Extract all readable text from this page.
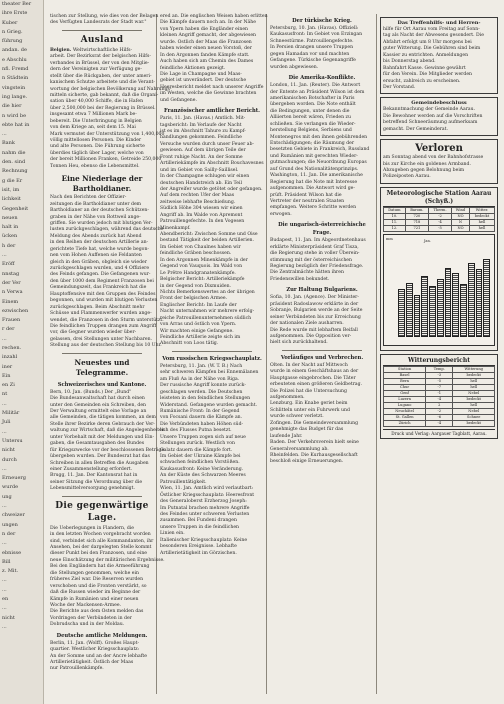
theater Ber
ihre Erste
Kuber
n Grieg.
führung
andan. de
e Abschlu
nfi. Fremd
n Städtein
vingstein
ing lange.
die hier
n wird be
ebte hat in
...
Bank
nahm die
den. sind
Rechnung
g die Er
isit, im
lichkeit
Gegenheit
neuen
halt in
ücken
h der
...
Eröff
nnstag
der Ver
n Verwa
Einem
ezwischen
Frauen
r der
...
rechen.
inzahl
iner
Ein
en Zi
nt
...
Militär
Juli
...
Untersu
nicht
durch
...
Erneuerg
wurde
ung
...
chweizer
ungen
n der
...
ebnisse
Bill
z. Mit.
...
...
en
...
nicht
...
tischen zur Stellung, wie dies von der Belagen
des Verfügten Landesrats der Stadt war."
Ausland
Belgien. Weltwirtschaftliche Hilfs-
arbeit. Der Bezirksrat der belgischen Hilfs-
verbandes in Brüssel, der von den Mitglie-
dern der Vereinigten zur Verfügung ge-
stellt über die Rückgaben, der unter ameri-
kanischem Schutze arbeitete und die Verant-
wortung der belgischen Bevölkerung auf Nahrungs-
mitteln sicherte, gab bekannt, daß die Organi-
sation über 40,000 Schiffe, die in Hafen
über 2,500,000 bei der Regierung in Brüssel.
insgesamt etwa 7 Millionen Mark be-
bebereit. Die Unterbringung in Belgien
von dem Kriege an, seit dem 15. Mai
Mark vermutet der Unterstützung von 1,400,000
völlig mittellosen Personen. Die Kinder
und alte Personen. Die Führung sicherte
überdies täglich über Lager, welche von
der bereit Millionen Franken, Getreide 250,000
Tonnen Heu, ebenso die Lebensmittel.
Eine Niederlage der Bartholdianer.
Nach den Berichten der Offizier-
zeitungen die Bartholdianer unter dem
Bartholdianer an der deutschen Schützen-
graben in der Nähe von Rottweil ange-
griffen. Sie wurden jedoch mit blutigen Ver-
lusten zurückgeschlagen, während das deutsche
Meldung des Abends zurück hat Abend
in den Reihen der deutschen Artillerie an-
gerichtete Tiefe hat, welche wurde begon-
nen vom Hohen Auffenen sie Feldanten
gleich in den Gräben, obgleich sie wieder
zurückgeschlagen wurden, und 4 Offiziere
des Feinds gefangen. Die Gefangenen wur-
den über 1000 dem Regiment Franzosen bei
Gemeindungszeit, das Frankreich hat die
Hauptoffensive mit den Gruppen des Feindes
begonnen, und wurden mit blutigen Verlusten
zurückgeschlagen. Beim Abschnitt mehr
Schüsse und Flammenwerfer wurden ange-
wendet, die Franzosen in den Sturm unterstützt.
Die feindlichen Truppen drangen zum Angriff
vor, die Gegner wurden wieder über-
gelassen, drei Stellungen unter Nachbaren.
Stellung aus der deutschen Stellung bis 10 Uhr.
Neuestes und Telegramme.
Schweizerisches und Kantone.
Bern, 10. Jan. (Bunds.) Der „Bund"
Die Bundesanwaltschaft hat durch einen
unter den Gemeinden ein Schreiben, den
Der Verwaltung ermittelt eine Vorlage an
alle Gemeinden, die tätigen kommen, an dem
Stelle ihrer Bezirke deren Gebrauch der Ver-
waltung zur Wirtschaft, daß die Angelegenheiten
unter Vorbehalt mit der Meldungen und Ein-
gaben, die Gesamtausgaben des Bundes
für Kriegszwecke vor der beschlossenen Beträge
übergeben wurden. Der Bundesrat hat das
Schreiben in allen Betreffen die Ausgaben
einer Zusammenstellung erfordert.
Brugg, 11. Jan. Der Kantonsrat hat in
seiner Sitzung die Verordnung über die
Lebensmittelversorgung genehmigt.
Die gegenwärtige Lage.
Die Ueberlegungen in Flandern, die
in den letzten Wochen vorgebracht worden
sind, verbindet sich alle Kommandanten, ihr
Ansehen, bei der dargelegten Stelle kommt
dieser Punkt bei den Franzosen, und eine
neue Einschätzung der militärischen Ergebnisse.
Bei den Engländern hat die Armeeführung
die Stellungen genommen, welche ein
früheres Ziel war. Die Reserven wurden
verschoben und die Fronten verstärkt, so
daß die Russen wieder im Beginne der
Kämpfe in Rumänien und einer neuen
Woche der Mackensen-Armee.
Die Berichte aus dem Osten melden das
Vordringen der Verbündeten in der
Dobrudscha und in der Moldau.
Deutsche amtliche Meldungen.
Berlin, 11. Jan. (Wolff). Großes Haupt-
quartier. Westlicher Kriegsschauplatz:
An der Somme und an der Ancre lebhafte
Artillerietätigkeit. Östlich der Maas
nur Patrouillenkämpfe.
ered an. Die englischen Weisen haben erlitten
Die Kämpfe dauern noch an. In der Nähe
von Ypern haben die Engländer einen
kleinen Angriff gemacht, der abgewiesen
wurde. Ostlich der Maas die Franzosen
haben wieder einen neuen Vorstoß, der
In den Argonnen fanden Kämpfe statt.
Auch haben sich am Chemin des Dames
feindliche Aktionen gezeigt.
Die Lage in Champagne und Maas-
gebiet ist unverändert. Der deutsche
Heeresbericht meldet nach unserer Angriffe
im Westen, welche die Gewinne brachten
und Gefangene.
Französischer amtlicher Bericht.
Paris, 11. Jan. (Havas.) Amtlich. Mit-
tagsbericht: Im Verlaufe der Nacht
ist es im Abschnitt Tahure zu Kampf-
handlungen gekommen. Feindliche
Versuche wurden durch unser Feuer ab-
gewiesen. Auf dem übrigen Teile der
Front ruhige Nacht. An der Somme
Artilleriekämpfe im Abschnitt Bouchavesnes
und im Gebiet von Sailly-Saillisel.
In der Champagne schlugen wir einen
deutschen Handstreich ab. Ein Teil
der Angreifer wurde getötet oder gefangen.
Auf dem rechten Ufer der Maas
zeitweise lebhafte Beschießung.
Südlich Höhe 304 wiesen wir einen
Angriff ab. Im Walde von Apremont
Patrouillengefechte. In den Vogesen
Minenkampf.
Abendbericht: Zwischen Somme und Oise
bestand Tätigkeit der beiden Artillerien.
Im Gebiet von Chaulnes haben wir
feindliche Gräben beschossen.
In den Argonnen Minenkämpfe in der
Gegend von Vauquois. Im Wald von
Le Prêtre Handgranatenkämpfe.
Belgischer Bericht: Artilleriekämpfe
in der Gegend von Dixmuiden.
Nichts Bemerkenswertes an der übrigen
Front der belgischen Armee.
Englischer Bericht: Im Laufe der
Nacht unternahmen wir mehrere erfolg-
reiche Patrouillenunternehmen südlich
von Arras und östlich von Ypern.
Wir machten einige Gefangene.
Feindliche Artillerie zeigte sich im
Abschnitt von Loos tätig.
Vom russischen Kriegsschauplatz.
Petersburg, 11. Jan. (W. T. B.) Nach
sehr schweren Kämpfen bei Ennemälanen
am Fluß Aa in der Nähe von Riga.
Der russische Angriff konnte zurück-
geschlagen werden. Die Deutschen
leisteten in den feindlichen Stellungen
Widerstand. Gefangene wurden gemacht.
Rumänische Front: In der Gegend
von Focsani dauern die Kämpfe an.
Die Verbündeten haben Höhen süd-
lich des Flusses Putna besetzt.
Unsere Truppen zogen sich auf neue
Stellungen zurück. Westlich von
Galatz dauern die Kämpfe fort.
Im Gebiet der Ukraine Kämpfe bei
schwachen feindlichen Vorstößen.
Kaukasusfront: Keine Veränderung.
An der Küste des Schwarzen Meeres
Patrouillentätigkeit.
Wien, 11. Jan. Amtlich wird verlautbart:
Östlicher Kriegsschauplatz: Heeresfront
des Generaloberst Erzherzog Joseph:
Im Putnatal brachen mehrere Angriffe
des Feindes unter schweren Verlusten
zusammen. Bei Fundeni drangen
unsere Truppen in die feindlichen
Linien ein.
Italienischer Kriegsschauplatz: Keine
besonderen Ereignisse. Lebhafte
Artillerietätigkeit im Görzischen.
Der türkische Krieg.
Petersburg, 10. Jan. (Havas). Offiziell:
Kaukasusfront: Im Gebiet von Erzingan
Schneestürme. Patrouillengefechte.
In Persien drangen unsere Truppen
gegen Hamadan vor und machten
Gefangene. Türkische Gegenangriffe
wurden abgewiesen.
Die Amerika-Konflikte.
London, 11. Jan. (Reuter). Die Antwort
der Entente an Präsident Wilson ist dem
amerikanischen Botschafter in Paris
übergeben worden. Die Note enthält
die Bedingungen, unter denen die
Alliierten bereit wären, Frieden zu
schließen. Sie verlangen die Wieder-
herstellung Belgiens, Serbiens und
Montenegros mit den ihnen gebührenden
Entschädigungen; die Räumung der
besetzten Gebiete in Frankreich, Russland
und Rumänien mit gerechten Wieder-
gutmachungen; die Neuordnung Europas
auf Grund des Nationalitätenprinzips.
Washington, 11. Jan. Die amerikanische
Regierung hat die Note mit Interesse
aufgenommen. Die Antwort wird ge-
prüft. Präsident Wilson hat die
Vertreter der neutralen Staaten
empfangen. Weitere Schritte werden
erwogen.
Die ungarisch-österreichische Frage.
Budapest, 11. Jan. Im Abgeordnetenhaus
erklärte Ministerpräsident Graf Tisza,
die Regierung stehe in voller Überein-
stimmung mit der österreichischen
Regierung bezüglich der Friedensfrage.
Die Zentralmächte hätten ihren
Friedenswillen bekundet.
Zur Haltung Bulgariens.
Sofia, 10. Jan. (Agence). Der Minister-
präsident Radoslawow erklärte in der
Sobranje, Bulgarien werde an der Seite
seiner Verbündeten bis zur Erreichung
der nationalen Ziele ausharren.
Die Rede wurde mit lebhaftem Beifall
aufgenommen. Die Opposition ver-
hielt sich zurückhaltend.
Vorläufiges und Verbrechen.
Olten. In der Nacht auf Mittwoch
wurde in einem Geschäftshaus an der
Hauptgasse eingebrochen. Die Täter
erbeuteten einen größeren Geldbetrag.
Die Polizei hat die Untersuchung
aufgenommen.
Lenzburg. Ein Knabe geriet beim
Schlitteln unter ein Fuhrwerk und
wurde schwer verletzt.
Zofingen. Die Gemeindeversammlung
genehmigte das Budget für das
laufende Jahr.
Baden. Der Verkehrsverein hielt seine
Generalversammlung ab.
Rheinfelden. Die Kurhausgesellschaft
beschloß einige Erneuerungen.
Das Treffenhilfs- und Herren-
hilfe für Ort Aarau vom Freitag auf Sonn-
tag als Nacht der Abwesens gesondert. Die
Abfahrt erfolgt um 8 Uhr morgens bei
guter Witterung. Die Gebühren sind beim
Kassier zu entrichten. Anmeldungen
bis Donnerstag abend.
Bahnfahrt Kasse. Gewinne gewährt
für den Verein. Die Mitglieder werden
ersucht, zahlreich zu erscheinen.
Der Vorstand.
Gemeindebeschluss
Bekanntmachung der Gemeinde Aarau.
Die Bewohner werden auf die Vorschriften
betreffend Schneeräumung aufmerksam
gemacht. Der Gemeinderat.
Verloren
am Sonntag abend von der Bahnhofstrasse
bis zur Kirche ein goldenes Armband.
Abzugeben gegen Belohnung beim
Polizeiposten Aarau.
Meteorologische Station Aarau (Schyß.)
Datum	Barom.	Therm.	Wind	Witter.
10.	720	-2	NO	bedeckt
11.	718	-4	N	hell
12.	721	-5	NO	hell
mm	Jan.
Witterungsbericht
Station	Temp.	Witterung
Basel	-3	bedeckt
Bern	-5	hell
Chur	-7	hell
Genf	-1	Nebel
Luzern	-4	bedeckt
Lugano	2	hell
Neuchâtel	-2	Nebel
St. Gallen	-6	Schnee
Zürich	-4	bedeckt
Druck und Verlag: Aargauer Tagblatt, Aarau.
